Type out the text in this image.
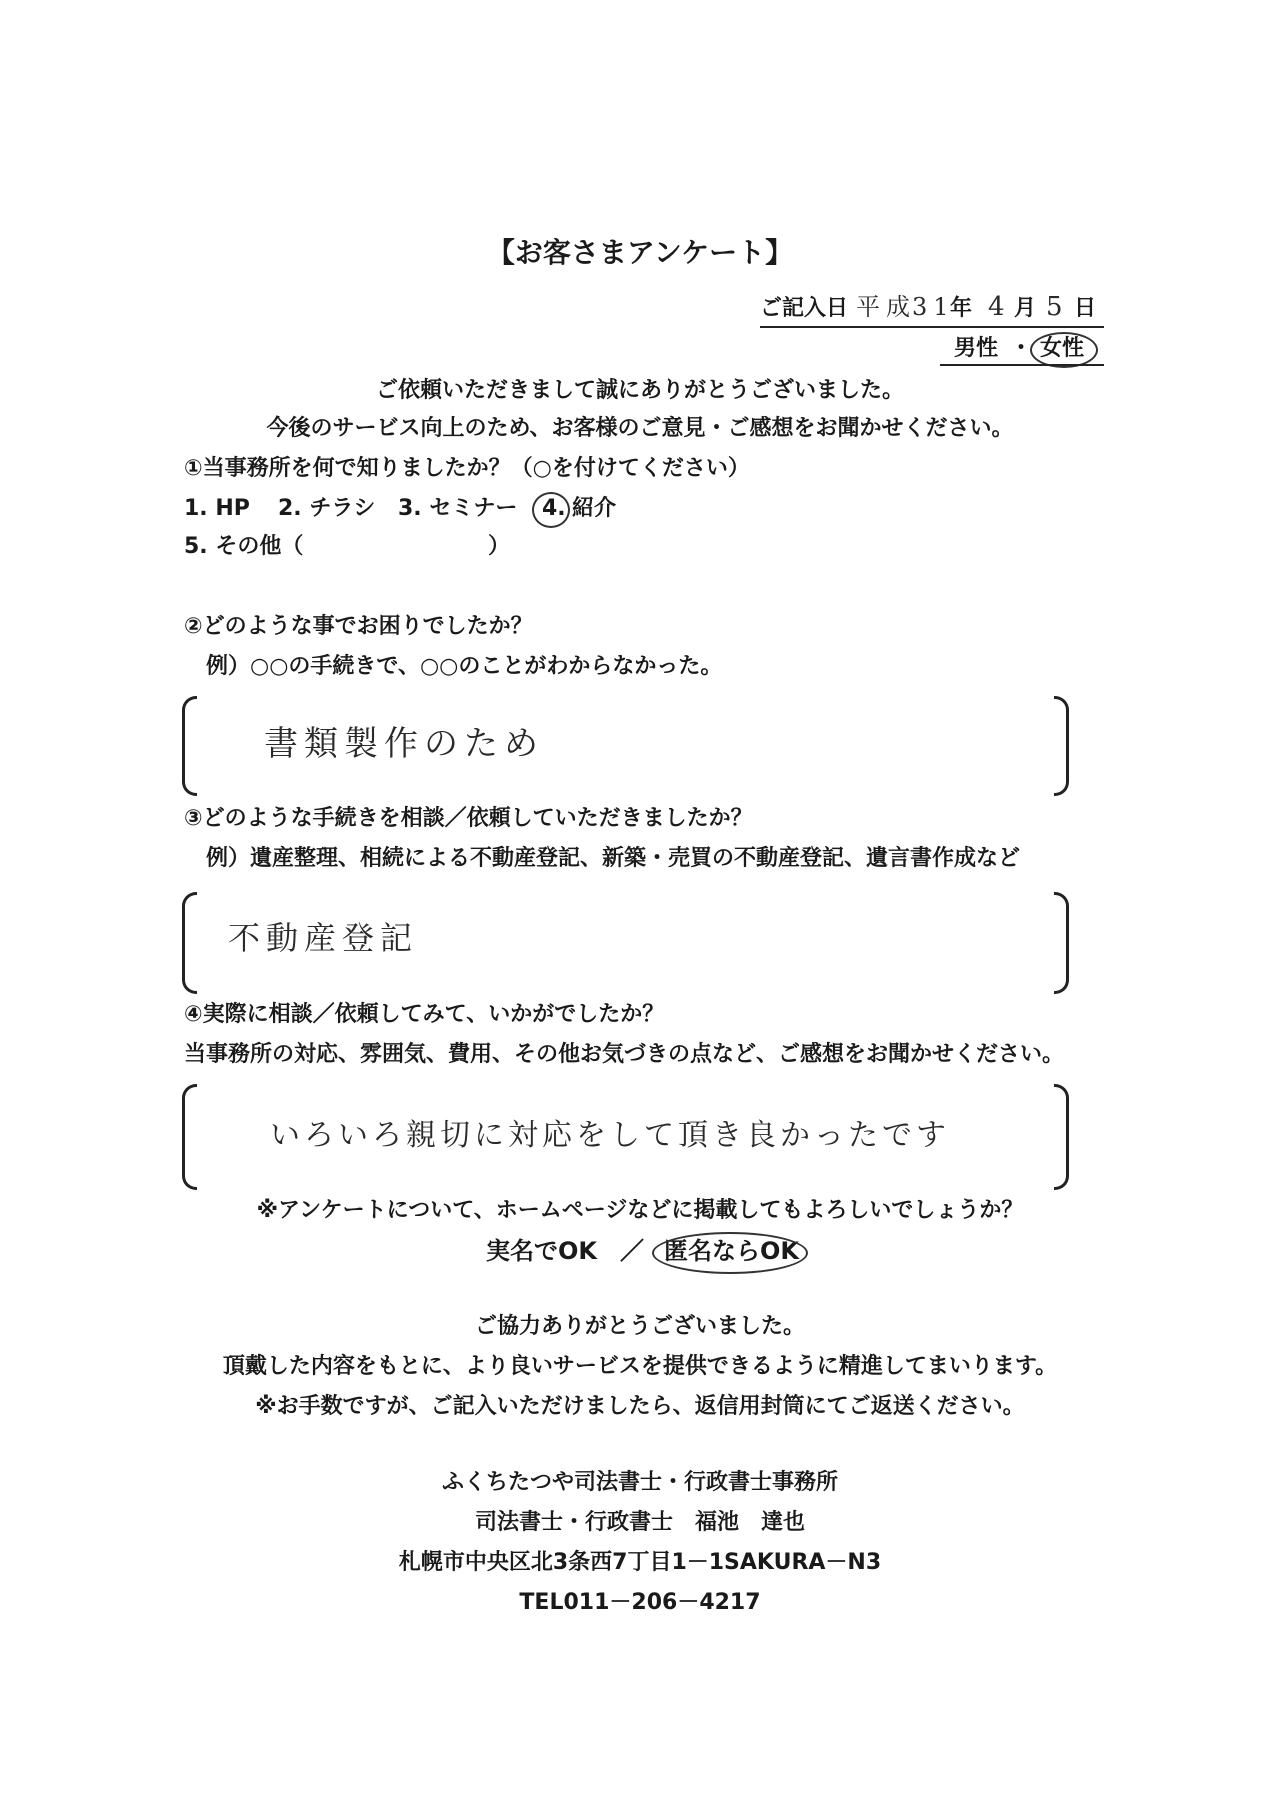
【お客さまアンケート】
ご記入日 平成
31
年 4 月 5 日
男性 ・ 女性
ご依頼いただきまして誠にありがとうございました。
今後のサービス向上のため、お客様のご意見・ご感想をお聞かせください。
①当事務所を何で知りましたか？（○を付けてください）
1. HP 2. チラシ 3. セミナー 4. 紹介
5. その他（	）
②どのような事でお困りでしたか？
例）○○の手続きで、○○のことがわからなかった。
書類製作のため
③どのような手続きを相談／依頼していただきましたか？
例）遺産整理、相続による不動産登記、新築・売買の不動産登記、遺言書作成など
不動産登記
④実際に相談／依頼してみて、いかがでしたか？
当事務所の対応、雰囲気、費用、その他お気づきの点など、ご感想をお聞かせください。
いろいろ親切に対応をして頂き良かったです
※アンケートについて、ホームページなどに掲載してもよろしいでしょうか？
実名でOK ／ 匿名ならOK
ご協力ありがとうございました。
頂戴した内容をもとに、より良いサービスを提供できるように精進してまいります。
※お手数ですが、ご記入いただけましたら、返信用封筒にてご返送ください。
ふくちたつや司法書士・行政書士事務所
司法書士・行政書士　福池　達也
札幌市中央区北3条西7丁目1－1SAKURA－N3
TEL011－206－4217
